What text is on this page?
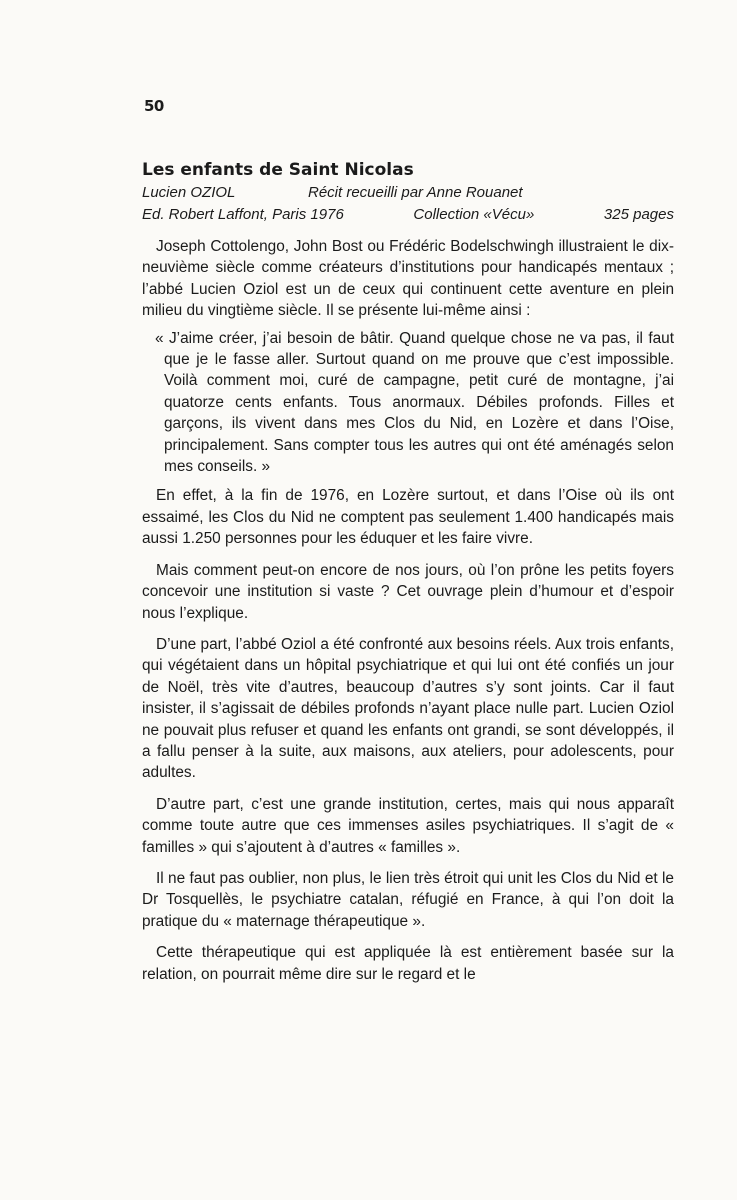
50
Les enfants de Saint Nicolas
Lucien OZIOL	Récit recueilli par Anne Rouanet
Ed. Robert Laffont, Paris 1976	Collection «Vécu»	325 pages

Joseph Cottolengo, John Bost ou Frédéric Bodelschwingh illustraient le dix-neuvième siècle comme créateurs d’institutions pour handicapés mentaux ; l’abbé Lucien Oziol est un de ceux qui continuent cette aventure en plein milieu du vingtième siècle. Il se présente lui-même ainsi :

« J’aime créer, j’ai besoin de bâtir. Quand quelque chose ne va pas, il faut que je le fasse aller. Surtout quand on me prouve que c’est impossible. Voilà comment moi, curé de campagne, petit curé de montagne, j’ai quatorze cents enfants. Tous anormaux. Débiles profonds. Filles et garçons, ils vivent dans mes Clos du Nid, en Lozère et dans l’Oise, principalement. Sans compter tous les autres qui ont été aménagés selon mes conseils. »

En effet, à la fin de 1976, en Lozère surtout, et dans l’Oise où ils ont essaimé, les Clos du Nid ne comptent pas seulement 1.400 handicapés mais aussi 1.250 personnes pour les éduquer et les faire vivre.

Mais comment peut-on encore de nos jours, où l’on prône les petits foyers concevoir une institution si vaste ? Cet ouvrage plein d’humour et d’espoir nous l’explique.

D’une part, l’abbé Oziol a été confronté aux besoins réels. Aux trois enfants, qui végétaient dans un hôpital psychiatrique et qui lui ont été confiés un jour de Noël, très vite d’autres, beaucoup d’autres s’y sont joints. Car il faut insister, il s’agissait de débiles profonds n’ayant place nulle part. Lucien Oziol ne pouvait plus refuser et quand les enfants ont grandi, se sont développés, il a fallu penser à la suite, aux maisons, aux ateliers, pour adolescents, pour adultes.

D’autre part, c’est une grande institution, certes, mais qui nous apparaît comme toute autre que ces immenses asiles psychiatriques. Il s’agit de « familles » qui s’ajoutent à d’autres « familles ».

Il ne faut pas oublier, non plus, le lien très étroit qui unit les Clos du Nid et le Dr Tosquellès, le psychiatre catalan, réfugié en France, à qui l’on doit la pratique du « maternage thérapeutique ».

Cette thérapeutique qui est appliquée là est entièrement basée sur la relation, on pourrait même dire sur le regard et le
